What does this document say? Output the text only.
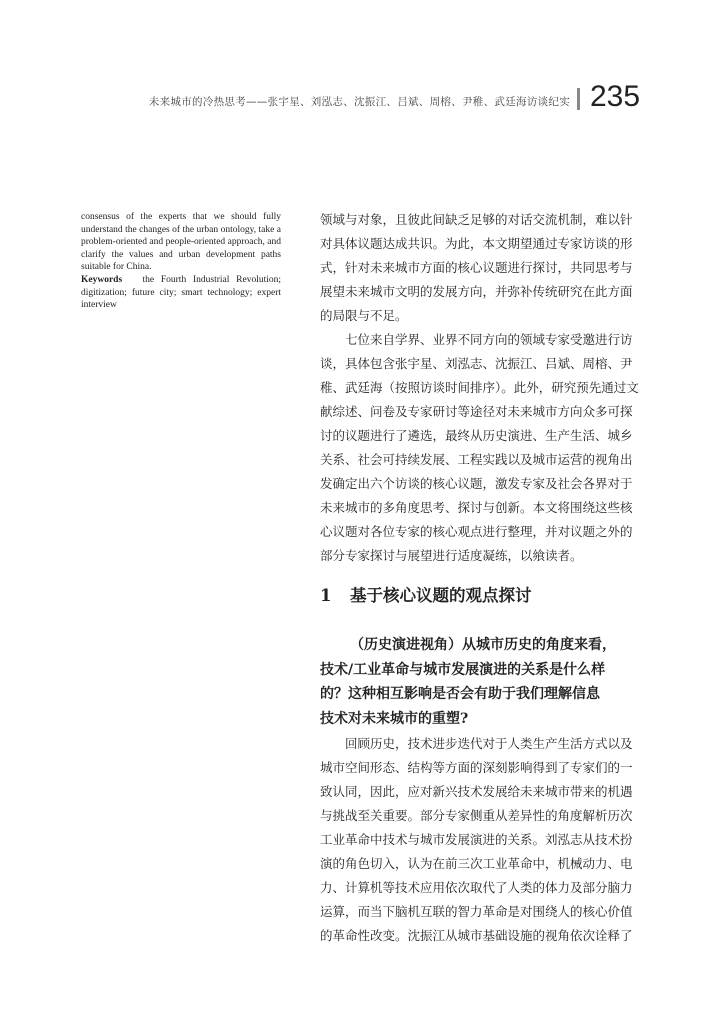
未来城市的冷热思考——张宇星、刘泓志、沈振江、吕斌、周榕、尹稚、武廷海访谈纪实 235

consensus of the experts that we should fully understand the changes of the urban ontology, take a problem-oriented and people-oriented approach, and clarify the values and urban development paths suitable for China.

Keywords the Fourth Industrial Revolution; digitization; future city; smart technology; expert interview

领域与对象，且彼此间缺乏足够的对话交流机制，难以针
对具体议题达成共识。为此，本文期望通过专家访谈的形
式，针对未来城市方面的核心议题进行探讨，共同思考与
展望未来城市文明的发展方向，并弥补传统研究在此方面
的局限与不足。
七位来自学界、业界不同方向的领域专家受邀进行访
谈，具体包含张宇星、刘泓志、沈振江、吕斌、周榕、尹
稚、武廷海（按照访谈时间排序）。此外，研究预先通过文
献综述、问卷及专家研讨等途径对未来城市方向众多可探
讨的议题进行了遴选，最终从历史演进、生产生活、城乡
关系、社会可持续发展、工程实践以及城市运营的视角出
发确定出六个访谈的核心议题，激发专家及社会各界对于
未来城市的多角度思考、探讨与创新。本文将围绕这些核
心议题对各位专家的核心观点进行整理，并对议题之外的
部分专家探讨与展望进行适度凝练，以飨读者。
1 基于核心议题的观点探讨
（历史演进视角）从城市历史的角度来看，
技术/工业革命与城市发展演进的关系是什么样
的？这种相互影响是否会有助于我们理解信息
技术对未来城市的重塑?
回顾历史，技术进步迭代对于人类生产生活方式以及
城市空间形态、结构等方面的深刻影响得到了专家们的一
致认同，因此，应对新兴技术发展给未来城市带来的机遇
与挑战至关重要。部分专家侧重从差异性的角度解析历次
工业革命中技术与城市发展演进的关系。刘泓志从技术扮
演的角色切入，认为在前三次工业革命中，机械动力、电
力、计算机等技术应用依次取代了人类的体力及部分脑力
运算，而当下脑机互联的智力革命是对围绕人的核心价值
的革命性改变。沈振江从城市基础设施的视角依次诠释了
